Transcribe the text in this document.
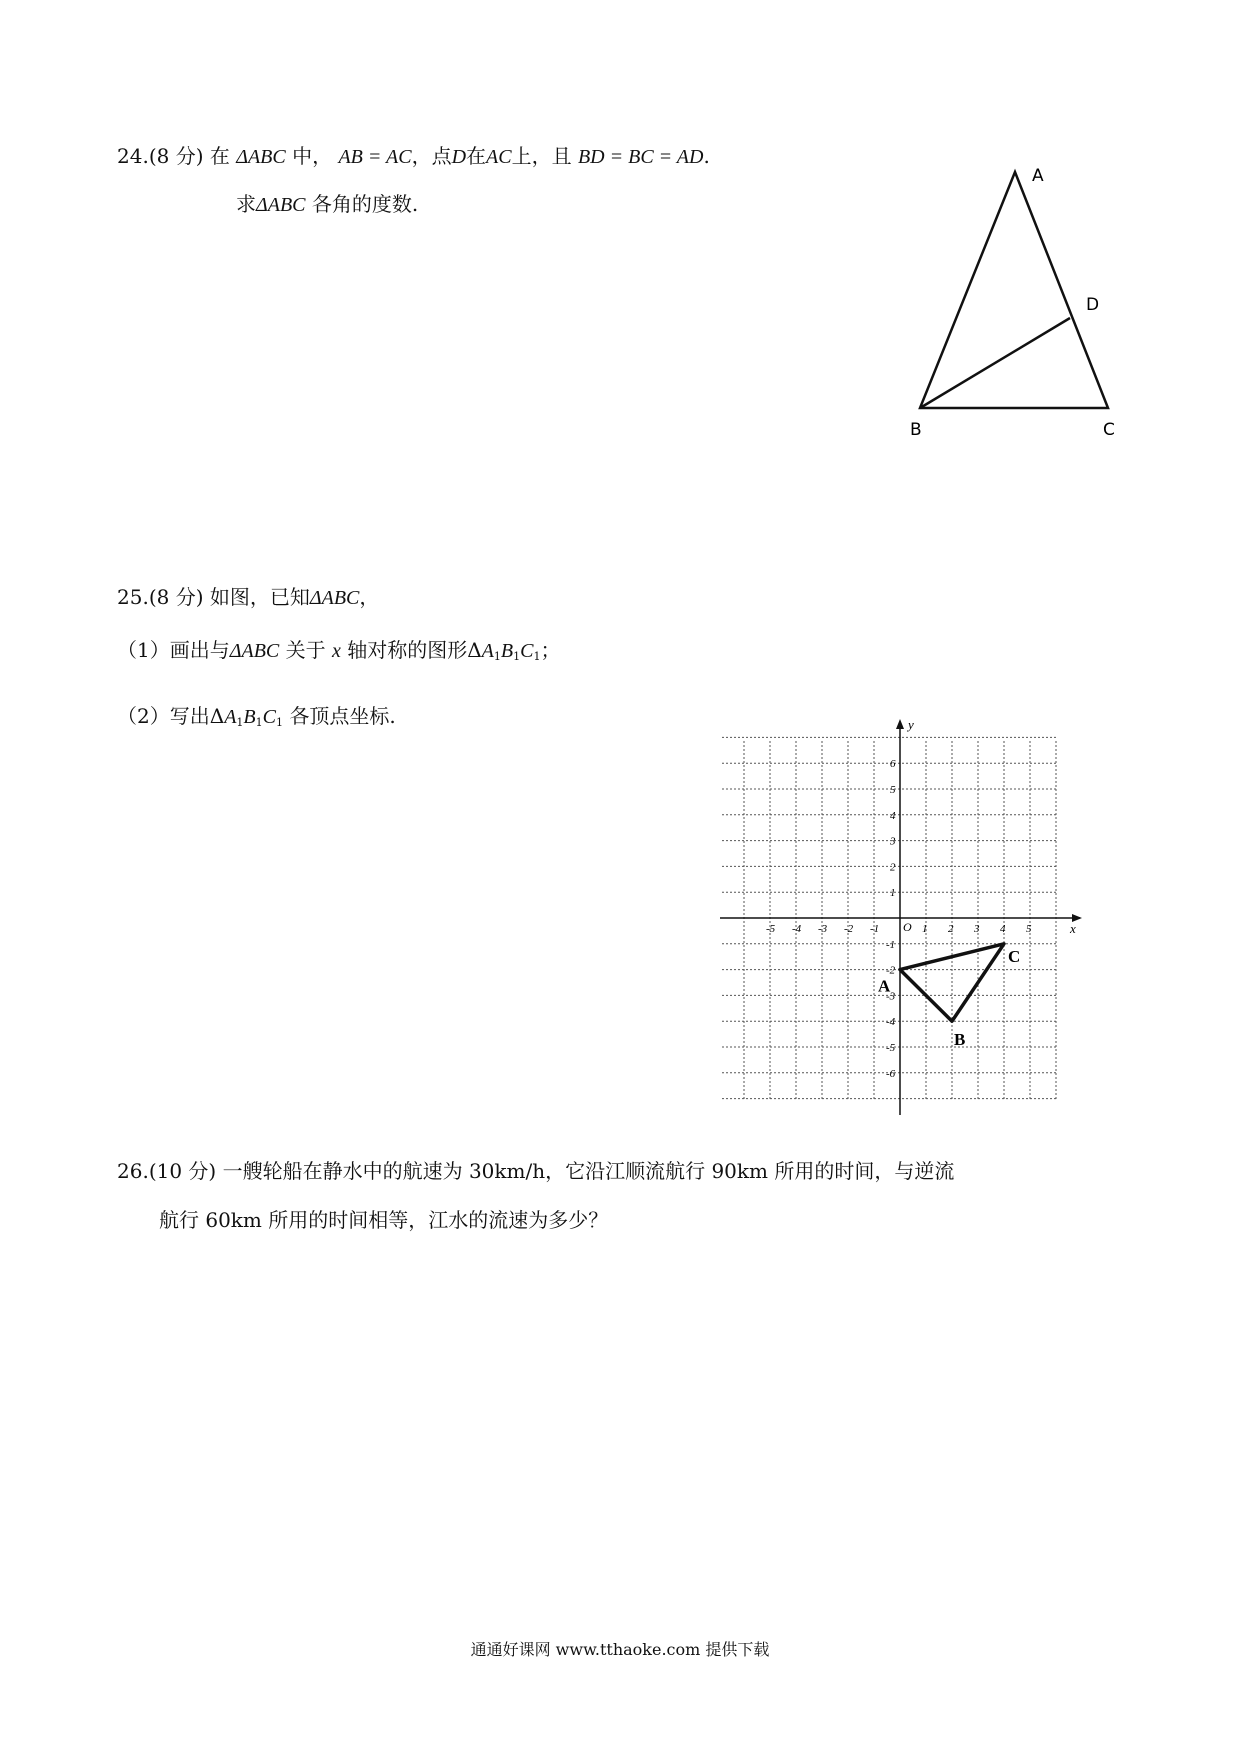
24.(8 分) 在 ΔABC 中， AB = AC，点D在AC上，且 BD = BC = AD.
求ΔABC 各角的度数.
A
D
B	C
25.(8 分) 如图，已知ΔABC，
（1）画出与ΔABC 关于 x 轴对称的图形$\Delta A_1B_1C_1$；
（2）写出$\Delta A_1B_1C_1$ 各顶点坐标.
-5 -4 -3 -2 -1	1 2 3 4 5
6
5
4
3
2
1
-1
-2
-3
-4
-5
-6
x
y
O
A
B
C
26.(10 分) 一艘轮船在静水中的航速为 30km/h，它沿江顺流航行 90km 所用的时间，与逆流
航行 60km 所用的时间相等，江水的流速为多少？
通通好课网 www.tthaoke.com 提供下载
